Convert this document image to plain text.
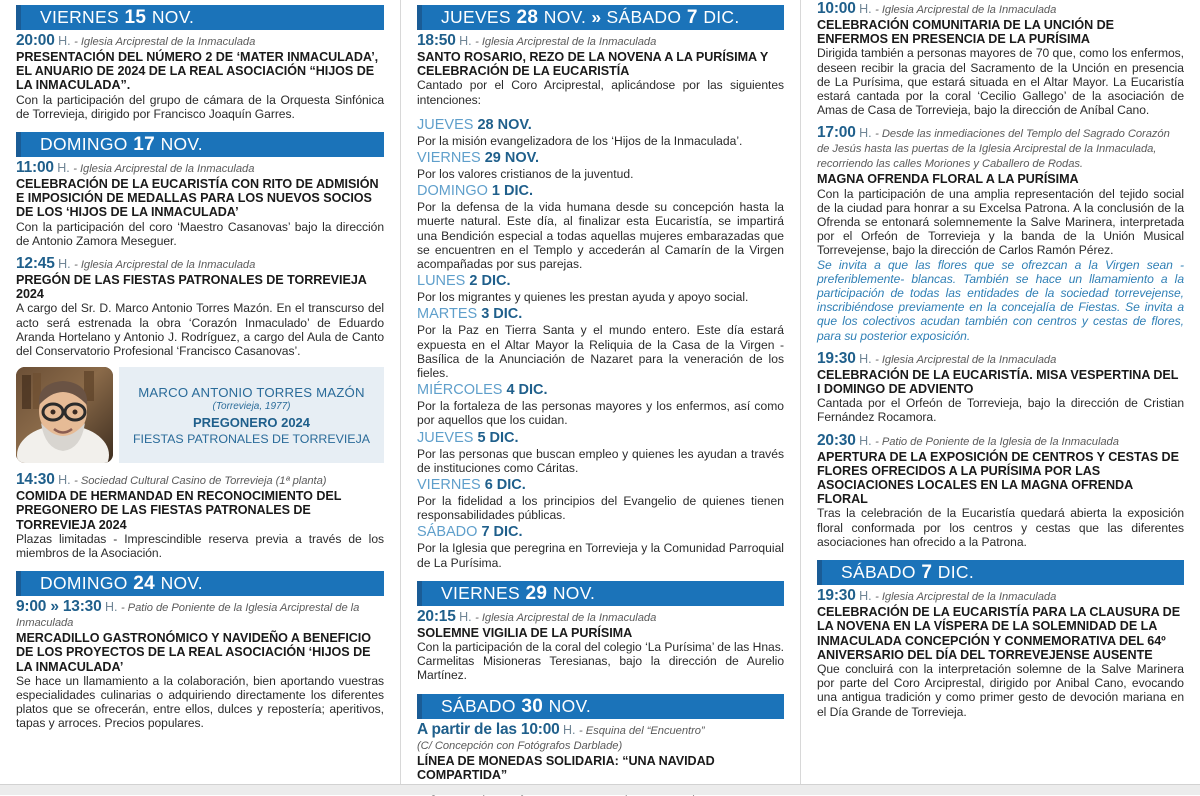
VIERNES 15 NOV.
20:00 H. - Iglesia Arciprestal de la Inmaculada
PRESENTACIÓN DEL NÚMERO 2 DE ‘MATER INMACULADA’, EL ANUARIO DE 2024 DE LA REAL ASOCIACIÓN “HIJOS DE LA INMACULADA”.
Con la participación del grupo de cámara de la Orquesta Sinfónica de Torrevieja, dirigido por Francisco Joaquín Garres.
DOMINGO 17 NOV.
11:00 H. - Iglesia Arciprestal de la Inmaculada
CELEBRACIÓN DE LA EUCARISTÍA CON RITO DE ADMISIÓN E IMPOSICIÓN DE MEDALLAS PARA LOS NUEVOS SOCIOS DE LOS ‘HIJOS DE LA INMACULADA’
Con la participación del coro ‘Maestro Casanovas’ bajo la dirección de Antonio Zamora Meseguer.
12:45 H. - Iglesia Arciprestal de la Inmaculada
PREGÓN DE LAS FIESTAS PATRONALES DE TORREVIEJA 2024
A cargo del Sr. D. Marco Antonio Torres Mazón. En el transcurso del acto será estrenada la obra ‘Corazón Inmaculado’ de Eduardo Aranda Hortelano y Antonio J. Rodríguez, a cargo del Aula de Canto del Conservatorio Profesional ‘Francisco Casanovas’.
MARCO ANTONIO TORRES MAZÓN
(Torrevieja, 1977)
PREGONERO 2024
FIESTAS PATRONALES DE TORREVIEJA
14:30 H. - Sociedad Cultural Casino de Torrevieja (1ª planta)
COMIDA DE HERMANDAD EN RECONOCIMIENTO DEL PREGONERO DE LAS FIESTAS PATRONALES DE TORREVIEJA 2024
Plazas limitadas - Imprescindible reserva previa a través de los miembros de la Asociación.
DOMINGO 24 NOV.
9:00 » 13:30 H. - Patio de Poniente de la Iglesia Arciprestal de la Inmaculada
MERCADILLO GASTRONÓMICO Y NAVIDEÑO A BENEFICIO DE LOS PROYECTOS DE LA REAL ASOCIACIÓN ‘HIJOS DE LA INMACULADA’
Se hace un llamamiento a la colaboración, bien aportando vuestras especialidades culinarias o adquiriendo directamente los diferentes platos que se ofrecerán, entre ellos, dulces y repostería; aperitivos, tapas y arroces. Precios populares.
JUEVES 28 NOV. » SÁBADO 7 DIC.
18:50 H. - Iglesia Arciprestal de la Inmaculada
SANTO ROSARIO, REZO DE LA NOVENA A LA PURÍSIMA Y CELEBRACIÓN DE LA EUCARISTÍA
Cantado por el Coro Arciprestal, aplicándose por las siguientes intenciones:
JUEVES 28 NOV.
Por la misión evangelizadora de los ‘Hijos de la Inmaculada’.
VIERNES 29 NOV.
Por los valores cristianos de la juventud.
DOMINGO 1 DIC.
Por la defensa de la vida humana desde su concepción hasta la muerte natural. Este día, al finalizar esta Eucaristía, se impartirá una Bendición especial a todas aquellas mujeres embarazadas que se encuentren en el Templo y accederán al Camarín de la Virgen acompañadas por sus parejas.
LUNES 2 DIC.
Por los migrantes y quienes les prestan ayuda y apoyo social.
MARTES 3 DIC.
Por la Paz en Tierra Santa y el mundo entero. Este día estará expuesta en el Altar Mayor la Reliquia de la Casa de la Virgen - Basílica de la Anunciación de Nazaret para la veneración de los fieles.
MIÉRCOLES 4 DIC.
Por la fortaleza de las personas mayores y los enfermos, así como por aquellos que los cuidan.
JUEVES 5 DIC.
Por las personas que buscan empleo y quienes les ayudan a través de instituciones como Cáritas.
VIERNES 6 DIC.
Por la fidelidad a los principios del Evangelio de quienes tienen responsabilidades públicas.
SÁBADO 7 DIC.
Por la Iglesia que peregrina en Torrevieja y la Comunidad Parroquial de La Purísima.
VIERNES 29 NOV.
20:15 H. - Iglesia Arciprestal de la Inmaculada
SOLEMNE VIGILIA DE LA PURÍSIMA
Con la participación de la coral del colegio ‘La Purísima’ de las Hnas. Carmelitas Misioneras Teresianas, bajo la dirección de Aurelio Martínez.
SÁBADO 30 NOV.
A partir de las 10:00 H. - Esquina del “Encuentro”
(C/ Concepción con Fotógrafos Darblade)
LÍNEA DE MONEDAS SOLIDARIA: “UNA NAVIDAD COMPARTIDA”
10:00 H. - Iglesia Arciprestal de la Inmaculada
CELEBRACIÓN COMUNITARIA DE LA UNCIÓN DE ENFERMOS EN PRESENCIA DE LA PURÍSIMA
Dirigida también a personas mayores de 70 que, como los enfermos, deseen recibir la gracia del Sacramento de la Unción en presencia de La Purísima, que estará situada en el Altar Mayor. La Eucaristía estará cantada por la coral ‘Cecilio Gallego’ de la asociación de Amas de Casa de Torrevieja, bajo la dirección de Aníbal Cano.
17:00 H. - Desde las inmediaciones del Templo del Sagrado Corazón de Jesús hasta las puertas de la Iglesia Arciprestal de la Inmaculada, recorriendo las calles Moriones y Caballero de Rodas.
MAGNA OFRENDA FLORAL A LA PURÍSIMA
Con la participación de una amplia representación del tejido social de la ciudad para honrar a su Excelsa Patrona. A la conclusión de la Ofrenda se entonará solemnemente la Salve Marinera, interpretada por el Orfeón de Torrevieja y la banda de la Unión Musical Torrevejense, bajo la dirección de Carlos Ramón Pérez.
Se invita a que las flores que se ofrezcan a la Virgen sean -preferiblemente- blancas. También se hace un llamamiento a la participación de todas las entidades de la sociedad torrevejense, inscribiéndose previamente en la concejalía de Fiestas. Se invita a que los colectivos acudan también con centros y cestas de flores, para su posterior exposición.
19:30 H. - Iglesia Arciprestal de la Inmaculada
CELEBRACIÓN DE LA EUCARISTÍA. MISA VESPERTINA DEL I DOMINGO DE ADVIENTO
Cantada por el Orfeón de Torrevieja, bajo la dirección de Cristian Fernández Rocamora.
20:30 H. - Patio de Poniente de la Iglesia de la Inmaculada
APERTURA DE LA EXPOSICIÓN DE CENTROS Y CESTAS DE FLORES OFRECIDOS A LA PURÍSIMA POR LAS ASOCIACIONES LOCALES EN LA MAGNA OFRENDA FLORAL
Tras la celebración de la Eucaristía quedará abierta la exposición floral conformada por los centros y cestas que las diferentes asociaciones han ofrecido a la Patrona.
SÁBADO 7 DIC.
19:30 H. - Iglesia Arciprestal de la Inmaculada
CELEBRACIÓN DE LA EUCARISTÍA PARA LA CLAUSURA DE LA NOVENA EN LA VÍSPERA DE LA SOLEMNIDAD DE LA INMACULADA CONCEPCIÓN Y CONMEMORATIVA DEL 64º ANIVERSARIO DEL DÍA DEL TORREVEJENSE AUSENTE
Que concluirá con la interpretación solemne de la Salve Marinera por parte del Coro Arciprestal, dirigido por Anibal Cano, evocando una antigua tradición y como primer gesto de devoción mariana en el Día Grande de Torrevieja.
